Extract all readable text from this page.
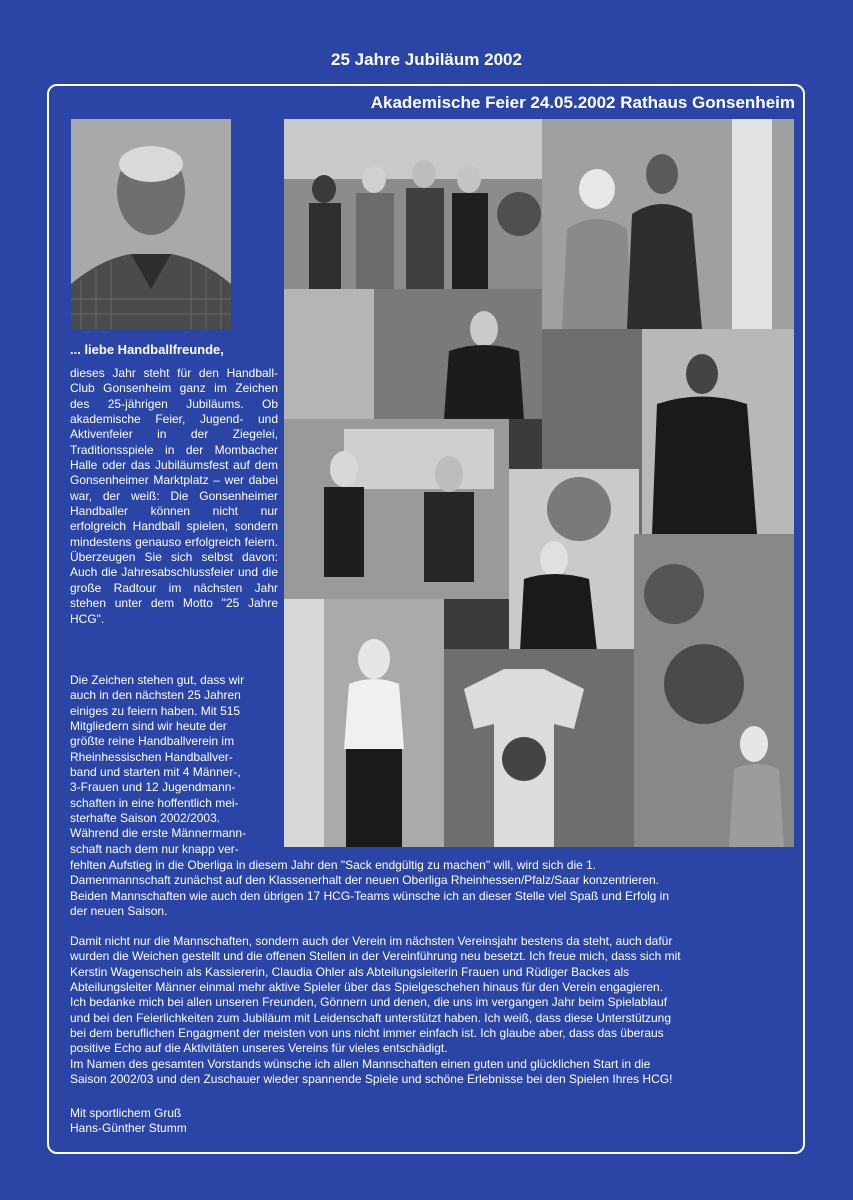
25 Jahre Jubiläum 2002
Akademische Feier 24.05.2002 Rathaus Gonsenheim
... liebe Handballfreunde,

dieses Jahr steht für den Handball-Club Gonsenheim ganz im Zeichen des 25-jährigen Jubiläums. Ob akademische Feier, Jugend- und Aktivenfeier in der Ziegelei, Traditionsspiele in der Mombacher Halle oder das Jubiläumsfest auf dem Gonsenheimer Marktplatz – wer dabei war, der weiß: Die Gonsenheimer Handballer können nicht nur erfolgreich Handball spielen, sondern mindestens genauso erfolgreich feiern. Überzeugen Sie sich selbst davon: Auch die Jahresabschlussfeier und die große Radtour im nächsten Jahr stehen unter dem Motto "25 Jahre HCG".

Die Zeichen stehen gut, dass wir
auch in den nächsten 25 Jahren
einiges zu feiern haben. Mit 515
Mitgliedern sind wir heute der
größte reine Handballverein im
Rheinhessischen Handballver-
band und starten mit 4 Männer-,
3-Frauen und 12 Jugendmann-
schaften in eine hoffentlich mei-
sterhafte Saison 2002/2003.
Während die erste Männermann-
schaft nach dem nur knapp ver-
fehlten Aufstieg in die Oberliga in diesem Jahr den "Sack endgültig zu machen" will, wird sich die 1.
Damenmannschaft zunächst auf den Klassenerhalt der neuen Oberliga Rheinhessen/Pfalz/Saar konzentrieren.
Beiden Mannschaften wie auch den übrigen 17 HCG-Teams wünsche ich an dieser Stelle viel Spaß und Erfolg in
der neuen Saison.
Damit nicht nur die Mannschaften, sondern auch der Verein im nächsten Vereinsjahr bestens da steht, auch dafür
wurden die Weichen gestellt und die offenen Stellen in der Vereinführung neu besetzt. Ich freue mich, dass sich mit
Kerstin Wagenschein als Kassiererin, Claudia Ohler als Abteilungsleiterin Frauen und Rüdiger Backes als
Abteilungsleiter Männer einmal mehr aktive Spieler über das Spielgeschehen hinaus für den Verein engagieren.
Ich bedanke mich bei allen unseren Freunden, Gönnern und denen, die uns im vergangen Jahr beim Spielablauf
und bei den Feierlichkeiten zum Jubiläum mit Leidenschaft unterstützt haben. Ich weiß, dass diese Unterstützung
bei dem beruflichen Engagment der meisten von uns nicht immer einfach ist. Ich glaube aber, dass das überaus
positive Echo auf die Aktivitäten unseres Vereins für vieles entschädigt.
Im Namen des gesamten Vorstands wünsche ich allen Mannschaften einen guten und glücklichen Start in die
Saison 2002/03 und den Zuschauer wieder spannende Spiele und schöne Erlebnisse bei den Spielen Ihres HCG!
Mit sportlichem Gruß
Hans-Günther Stumm
